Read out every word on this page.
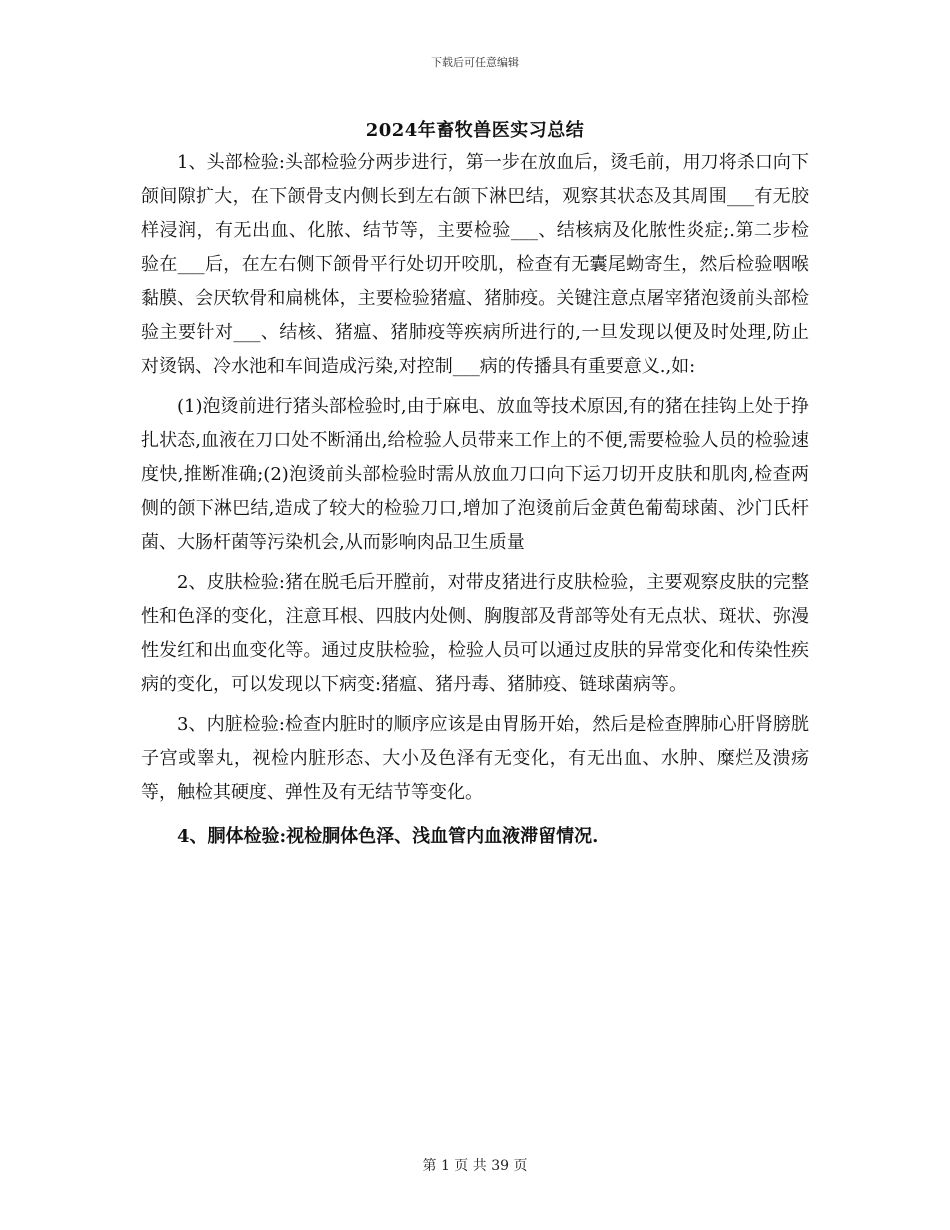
下载后可任意编辑
2024年畜牧兽医实习总结

1、头部检验:头部检验分两步进行，第一步在放血后，烫毛前，用刀将杀口向下颌间隙扩大，在下颌骨支内侧长到左右颌下淋巴结，观察其状态及其周围___有无胶样浸润，有无出血、化脓、结节等，主要检验___、结核病及化脓性炎症;.第二步检验在___后，在左右侧下颌骨平行处切开咬肌，检查有无囊尾蚴寄生，然后检验咽喉黏膜、会厌软骨和扁桃体，主要检验猪瘟、猪肺疫。关键注意点屠宰猪泡烫前头部检验主要针对___、结核、猪瘟、猪肺疫等疾病所进行的,一旦发现以便及时处理,防止对烫锅、冷水池和车间造成污染,对控制___病的传播具有重要意义.,如:

(1)泡烫前进行猪头部检验时,由于麻电、放血等技术原因,有的猪在挂钩上处于挣扎状态,血液在刀口处不断涌出,给检验人员带来工作上的不便,需要检验人员的检验速度快,推断准确;(2)泡烫前头部检验时需从放血刀口向下运刀切开皮肤和肌肉,检查两侧的颌下淋巴结,造成了较大的检验刀口,增加了泡烫前后金黄色葡萄球菌、沙门氏杆菌、大肠杆菌等污染机会,从而影响肉品卫生质量

2、皮肤检验:猪在脱毛后开膛前，对带皮猪进行皮肤检验，主要观察皮肤的完整性和色泽的变化，注意耳根、四肢内处侧、胸腹部及背部等处有无点状、斑状、弥漫性发红和出血变化等。通过皮肤检验，检验人员可以通过皮肤的异常变化和传染性疾病的变化，可以发现以下病变:猪瘟、猪丹毒、猪肺疫、链球菌病等。

3、内脏检验:检查内脏时的顺序应该是由胃肠开始，然后是检查脾肺心肝肾膀胱子宫或睾丸，视检内脏形态、大小及色泽有无变化，有无出血、水肿、糜烂及溃疡等，触检其硬度、弹性及有无结节等变化。

4、胴体检验:视检胴体色泽、浅血管内血液滞留情况.

第 1 页 共 39 页
